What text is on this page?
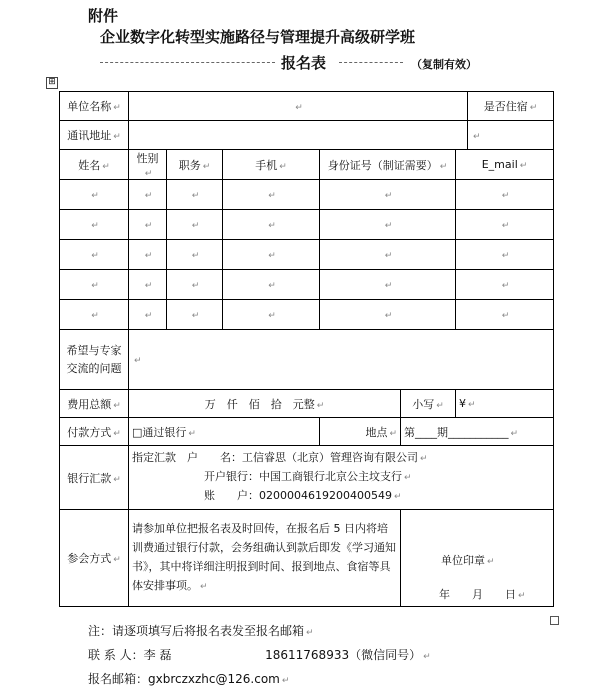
附件
企业数字化转型实施路径与管理提升高级研学班
报名表	（复制有效）
⊞
单位名称 ↵	↵						是否住宿 ↵
通讯地址 ↵							↵
姓名 ↵	性别↵	职务 ↵	手机 ↵	身份证号（制证需要） ↵		E_mail ↵	
↵	↵	↵	↵	↵		↵	
↵	↵	↵	↵	↵		↵	
↵	↵	↵	↵	↵		↵	
↵	↵	↵	↵	↵		↵	
↵	↵	↵	↵	↵		↵	
希望与专家交流的问题	↵						
费用总额 ↵	万　仟　佰　拾　元整 ↵				小写 ↵	¥ ↵	
付款方式 ↵	□通过银行 ↵			地点 ↵	第____期___________ ↵		
银行汇款 ↵	指定汇款　户　　名：工信睿思（北京）管理咨询有限公司 ↵
开户银行：中国工商银行北京公主坟支行 ↵
账　　户：0200004619200400549 ↵						

参会方式 ↵	请参加单位把报名表及时回传，在报名后 5 日内将培训费通过银行付款，会务组确认到款后即发《学习通知书》，其中将详细注明报到时间、报到地点、食宿等具体安排事项。 ↵				单位印章 ↵
年　　月　　日 ↵		
注：请逐项填写后将报名表发至报名邮箱 ↵
联 系 人：李 磊	18611768933（微信同号） ↵
报名邮箱：gxbrczxzhc@126.com ↵
